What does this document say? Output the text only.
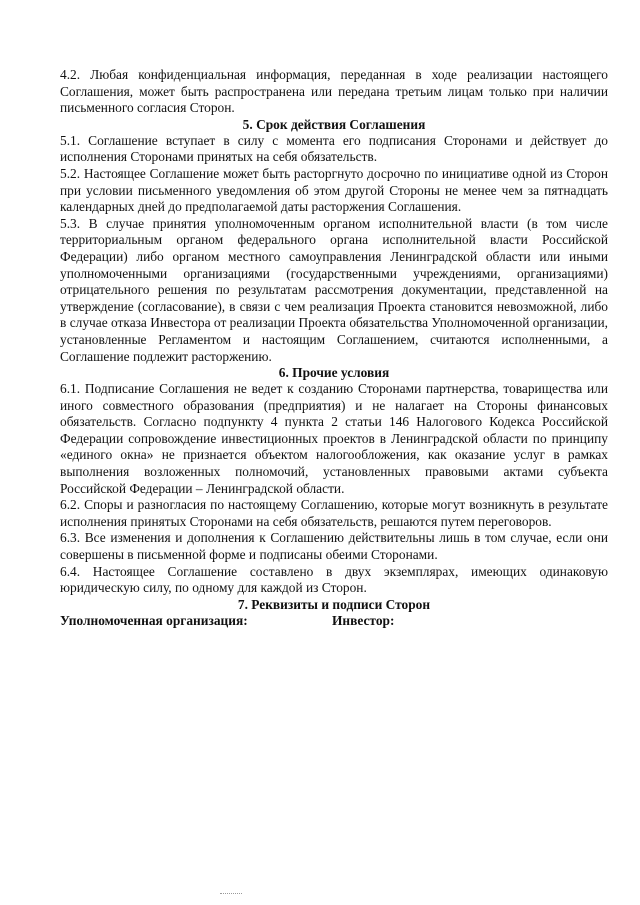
4.2. Любая конфиденциальная информация, переданная в ходе реализации настоящего Соглашения, может быть распространена или передана третьим лицам только при наличии письменного согласия Сторон.

5. Срок действия Соглашения

5.1. Соглашение вступает в силу с момента его подписания Сторонами и действует до исполнения Сторонами принятых на себя обязательств.

5.2. Настоящее Соглашение может быть расторгнуто досрочно по инициативе одной из Сторон при условии письменного уведомления об этом другой Стороны не менее чем за пятнадцать календарных дней до предполагаемой даты расторжения Соглашения.

5.3. В случае принятия уполномоченным органом исполнительной власти (в том числе территориальным органом федерального органа исполнительной власти Российской Федерации) либо органом местного самоуправления Ленинградской области или иными уполномоченными организациями (государственными учреждениями, организациями) отрицательного решения по результатам рассмотрения документации, представленной на утверждение (согласование), в связи с чем реализация Проекта становится невозможной, либо в случае отказа Инвестора от реализации Проекта обязательства Уполномоченной организации, установленные Регламентом и настоящим Соглашением, считаются исполненными, а Соглашение подлежит расторжению.

6. Прочие условия

6.1. Подписание Соглашения не ведет к созданию Сторонами партнерства, товарищества или иного совместного образования (предприятия) и не налагает на Стороны финансовых обязательств. Согласно подпункту 4 пункта 2 статьи 146 Налогового Кодекса Российской Федерации сопровождение инвестиционных проектов в Ленинградской области по принципу «единого окна» не признается объектом налогообложения, как оказание услуг в рамках выполнения возложенных полномочий, установленных правовыми актами субъекта Российской Федерации – Ленинградской области.

6.2. Споры и разногласия по настоящему Соглашению, которые могут возникнуть в результате исполнения принятых Сторонами на себя обязательств, решаются путем переговоров.

6.3. Все изменения и дополнения к Соглашению действительны лишь в том случае, если они совершены в письменной форме и подписаны обеими Сторонами.

6.4. Настоящее Соглашение составлено в двух экземплярах, имеющих одинаковую юридическую силу, по одному для каждой из Сторон.

7. Реквизиты и подписи Сторон
Уполномоченная организация:	Инвестор:
